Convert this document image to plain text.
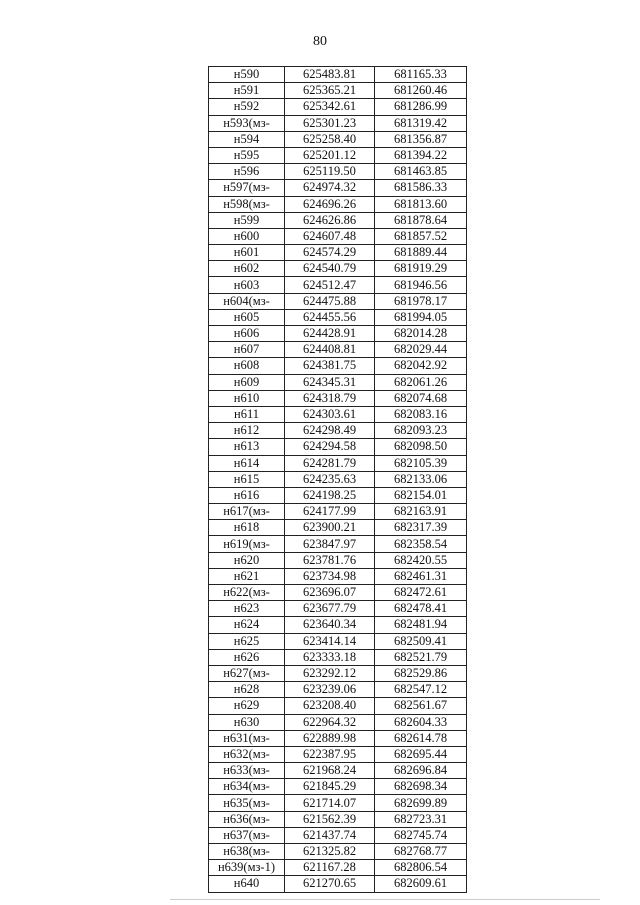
80
н590	625483.81	681165.33
н591	625365.21	681260.46
н592	625342.61	681286.99
н593(мз-	625301.23	681319.42
н594	625258.40	681356.87
н595	625201.12	681394.22
н596	625119.50	681463.85
н597(мз-	624974.32	681586.33
н598(мз-	624696.26	681813.60
н599	624626.86	681878.64
н600	624607.48	681857.52
н601	624574.29	681889.44
н602	624540.79	681919.29
н603	624512.47	681946.56
н604(мз-	624475.88	681978.17
н605	624455.56	681994.05
н606	624428.91	682014.28
н607	624408.81	682029.44
н608	624381.75	682042.92
н609	624345.31	682061.26
н610	624318.79	682074.68
н611	624303.61	682083.16
н612	624298.49	682093.23
н613	624294.58	682098.50
н614	624281.79	682105.39
н615	624235.63	682133.06
н616	624198.25	682154.01
н617(мз-	624177.99	682163.91
н618	623900.21	682317.39
н619(мз-	623847.97	682358.54
н620	623781.76	682420.55
н621	623734.98	682461.31
н622(мз-	623696.07	682472.61
н623	623677.79	682478.41
н624	623640.34	682481.94
н625	623414.14	682509.41
н626	623333.18	682521.79
н627(мз-	623292.12	682529.86
н628	623239.06	682547.12
н629	623208.40	682561.67
н630	622964.32	682604.33
н631(мз-	622889.98	682614.78
н632(мз-	622387.95	682695.44
н633(мз-	621968.24	682696.84
н634(мз-	621845.29	682698.34
н635(мз-	621714.07	682699.89
н636(мз-	621562.39	682723.31
н637(мз-	621437.74	682745.74
н638(мз-	621325.82	682768.77
н639(мз-1)	621167.28	682806.54
н640	621270.65	682609.61
